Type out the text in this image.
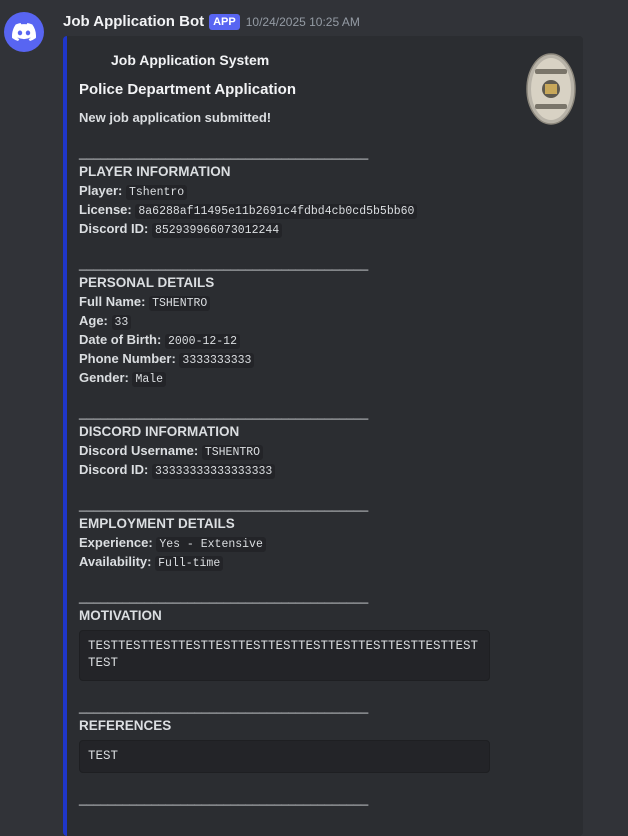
Job Application Bot APP 10/24/2025 10:25 AM
Job Application System
Police Department Application
New job application submitted!
________________________________________
PLAYER INFORMATION
Player: Tshentro
License: 8a6288af11495e11b2691c4fdbd4cb0cd5b5bb60
Discord ID: 852939966073012244
________________________________________
PERSONAL DETAILS
Full Name: TSHENTRO
Age: 33
Date of Birth: 2000-12-12
Phone Number: 3333333333
Gender: Male
________________________________________
DISCORD INFORMATION
Discord Username: TSHENTRO
Discord ID: 33333333333333333
________________________________________
EMPLOYMENT DETAILS
Experience: Yes - Extensive
Availability: Full-time
________________________________________
MOTIVATION
TESTTESTTESTTESTTESTTESTTESTTESTTESTTESTTESTTESTTESTTEST
________________________________________
REFERENCES
TEST
________________________________________
